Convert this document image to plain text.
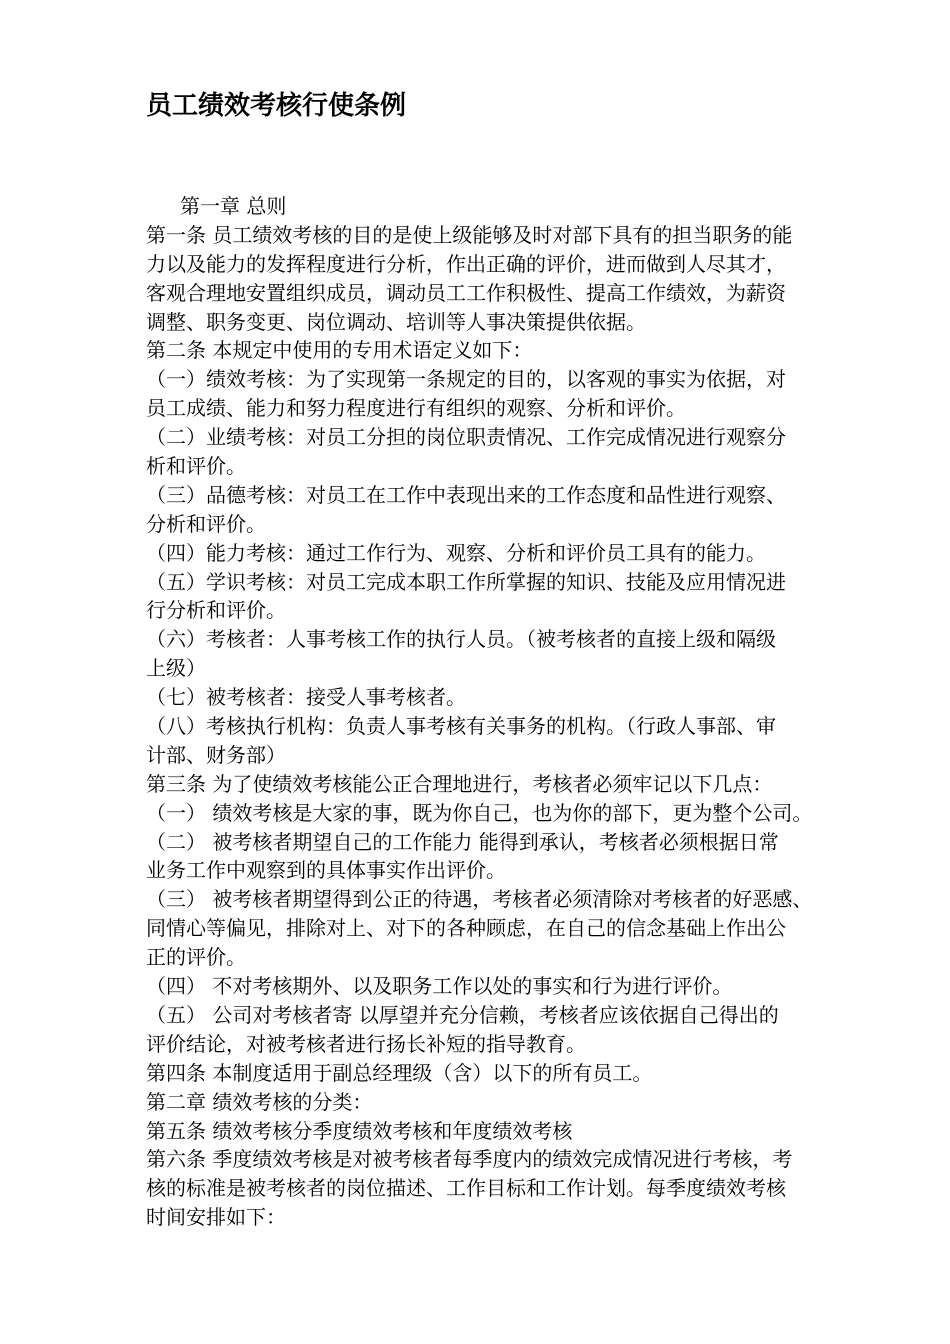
员工绩效考核行使条例
第一章 总则
第一条 员工绩效考核的目的是使上级能够及时对部下具有的担当职务的能
力以及能力的发挥程度进行分析，作出正确的评价，进而做到人尽其才，
客观合理地安置组织成员，调动员工工作积极性、提高工作绩效，为薪资
调整、职务变更、岗位调动、培训等人事决策提供依据。
第二条 本规定中使用的专用术语定义如下：
（一）绩效考核：为了实现第一条规定的目的，以客观的事实为依据，对
员工成绩、能力和努力程度进行有组织的观察、分析和评价。
（二）业绩考核：对员工分担的岗位职责情况、工作完成情况进行观察分
析和评价。
（三）品德考核：对员工在工作中表现出来的工作态度和品性进行观察、
分析和评价。
（四）能力考核：通过工作行为、观察、分析和评价员工具有的能力。
（五）学识考核：对员工完成本职工作所掌握的知识、技能及应用情况进
行分析和评价。
（六）考核者：人事考核工作的执行人员。（被考核者的直接上级和隔级
上级）
（七）被考核者：接受人事考核者。
（八）考核执行机构：负责人事考核有关事务的机构。（行政人事部、审
计部、财务部）
第三条 为了使绩效考核能公正合理地进行，考核者必须牢记以下几点：
（一） 绩效考核是大家的事，既为你自己，也为你的部下，更为整个公司。
（二） 被考核者期望自己的工作能力 能得到承认，考核者必须根据日常
业务工作中观察到的具体事实作出评价。
（三） 被考核者期望得到公正的待遇，考核者必须清除对考核者的好恶感、
同情心等偏见，排除对上、对下的各种顾虑，在自己的信念基础上作出公
正的评价。
（四） 不对考核期外、以及职务工作以处的事实和行为进行评价。
（五） 公司对考核者寄 以厚望并充分信赖，考核者应该依据自己得出的
评价结论，对被考核者进行扬长补短的指导教育。
第四条 本制度适用于副总经理级（含）以下的所有员工。
第二章 绩效考核的分类：
第五条 绩效考核分季度绩效考核和年度绩效考核
第六条 季度绩效考核是对被考核者每季度内的绩效完成情况进行考核，考
核的标准是被考核者的岗位描述、工作目标和工作计划。每季度绩效考核
时间安排如下：
